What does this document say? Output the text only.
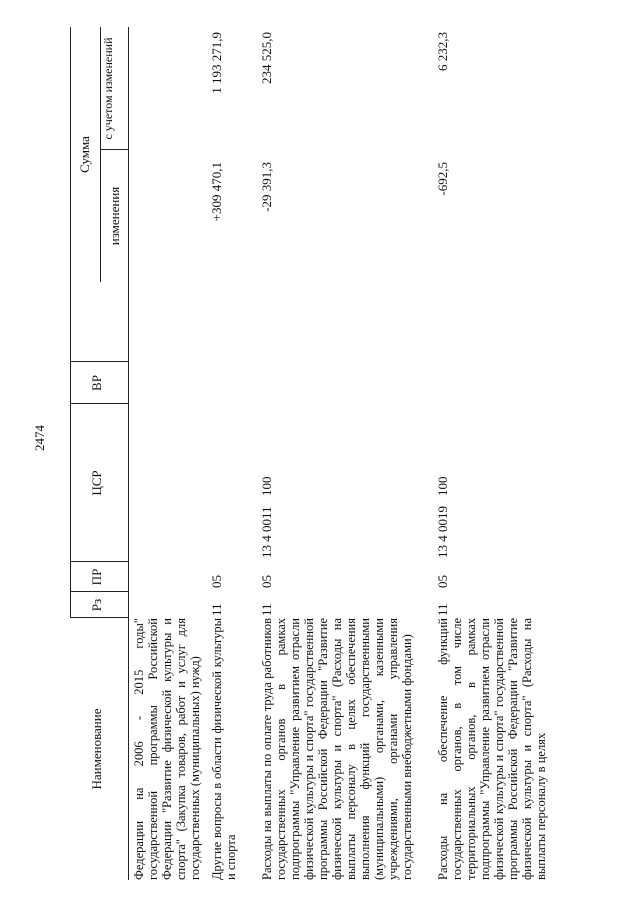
2474
Наименование
Рз
ПР
ЦСР
ВР
Сумма
изменения
с учетом изменений
Федерации на 2006 - 2015 годы" государственной программы Российской Федерации "Развитие физической культуры и спорта" (Закупка товаров, работ и услуг для государственных (муниципальных) нужд) Другие вопросы в области физической культуры и спорта
11
05
+309 470,1
1 193 271,9
Расходы на выплаты по оплате труда работников государственных органов в рамках подпрограммы "Управление развитием отрасли физической культуры и спорта" государственной программы Российской Федерации "Развитие физической культуры и спорта" (Расходы на выплаты персоналу в целях обеспечения выполнения функций государственными (муниципальными) органами, казенными учреждениями, органами управления государственными внебюджетными фондами)
11
05
13 4 0011
100
-29 391,3
234 525,0
Расходы на обеспечение функций государственных органов, в том числе территориальных органов, в рамках подпрограммы "Управление развитием отрасли физической культуры и спорта" государственной программы Российской Федерации "Развитие физической культуры и спорта" (Расходы на выплаты персоналу в целях
11
05
13 4 0019
100
-692,5
6 232,3
